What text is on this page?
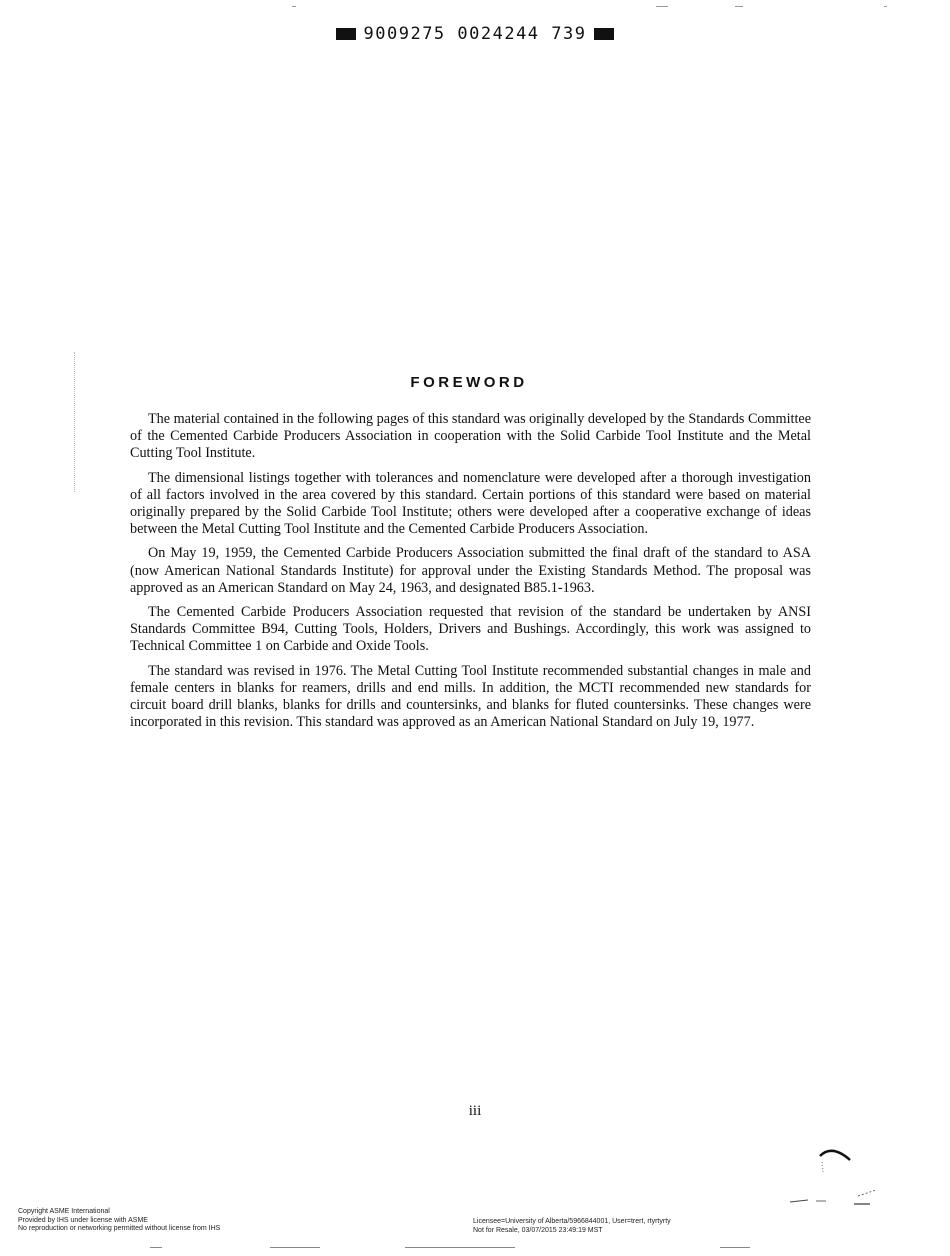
9009275 0024244 739
FOREWORD

The material contained in the following pages of this standard was originally developed by the Standards Committee of the Cemented Carbide Producers Association in cooperation with the Solid Carbide Tool Institute and the Metal Cutting Tool Institute.

The dimensional listings together with tolerances and nomenclature were developed after a thorough investigation of all factors involved in the area covered by this standard. Certain portions of this standard were based on material originally prepared by the Solid Carbide Tool Institute; others were developed after a cooperative exchange of ideas between the Metal Cutting Tool Institute and the Cemented Carbide Producers Association.

On May 19, 1959, the Cemented Carbide Producers Association submitted the final draft of the standard to ASA (now American National Standards Institute) for approval under the Existing Standards Method. The proposal was approved as an American Standard on May 24, 1963, and designated B85.1-1963.

The Cemented Carbide Producers Association requested that revision of the standard be undertaken by ANSI Standards Committee B94, Cutting Tools, Holders, Drivers and Bushings. Accordingly, this work was assigned to Technical Committee 1 on Carbide and Oxide Tools.

The standard was revised in 1976. The Metal Cutting Tool Institute recommended substantial changes in male and female centers in blanks for reamers, drills and end mills. In addition, the MCTI recommended new standards for circuit board drill blanks, blanks for drills and countersinks, and blanks for fluted countersinks. These changes were incorporated in this revision. This standard was approved as an American National Standard on July 19, 1977.

iii
Copyright ASME International
Provided by IHS under license with ASME
No reproduction or networking permitted without license from IHS
Licensee=University of Alberta/5966844001, User=trert, rtyrtyrty
Not for Resale, 03/07/2015 23:49:19 MST
